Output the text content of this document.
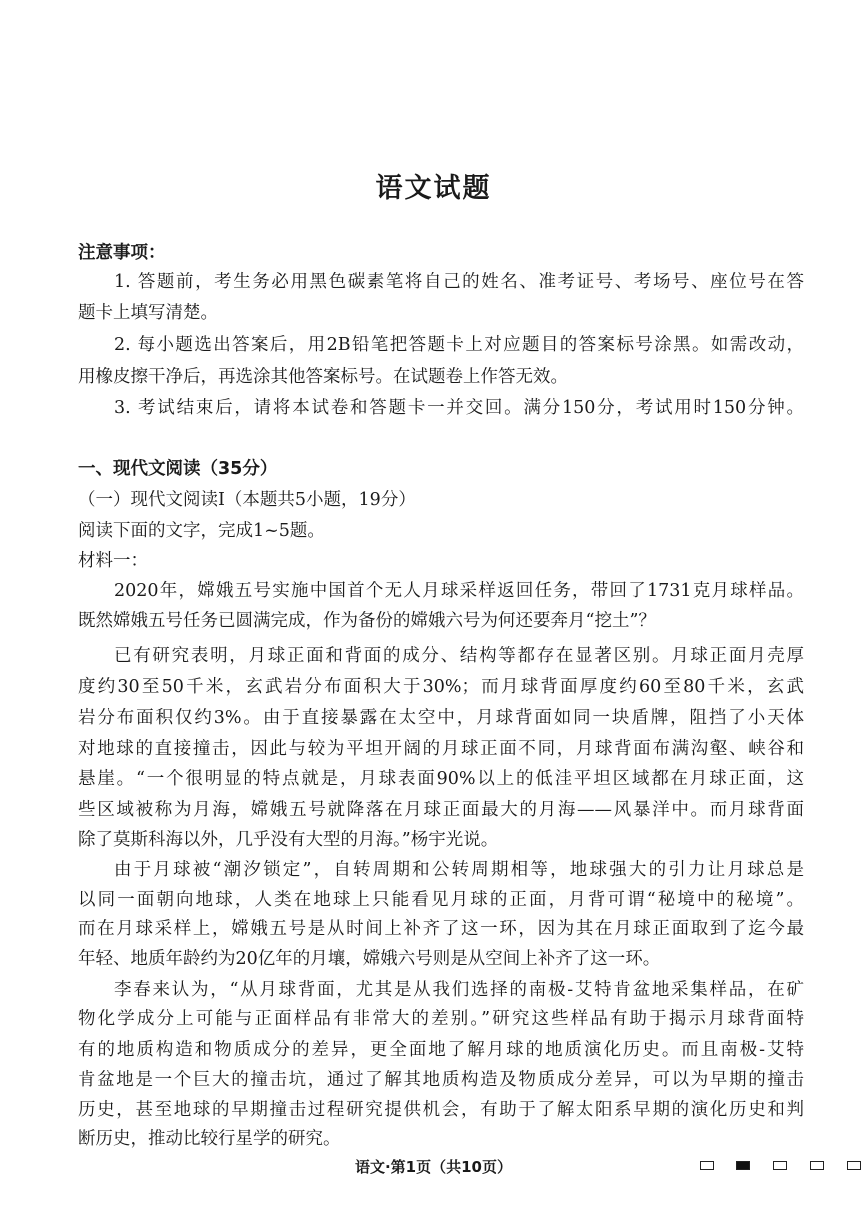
语文试题
注意事项：
1. 答题前，考生务必用黑色碳素笔将自己的姓名、准考证号、考场号、座位号在答
题卡上填写清楚。
2. 每小题选出答案后，用2B铅笔把答题卡上对应题目的答案标号涂黑。如需改动，
用橡皮擦干净后，再选涂其他答案标号。在试题卷上作答无效。
3. 考试结束后，请将本试卷和答题卡一并交回。满分150分，考试用时150分钟。
一、现代文阅读（35分）
（一）现代文阅读Ⅰ（本题共5小题，19分）
阅读下面的文字，完成1~5题。
材料一：
2020年，嫦娥五号实施中国首个无人月球采样返回任务，带回了1731克月球样品。
既然嫦娥五号任务已圆满完成，作为备份的嫦娥六号为何还要奔月“挖土”？
已有研究表明，月球正面和背面的成分、结构等都存在显著区别。月球正面月壳厚
度约30至50千米，玄武岩分布面积大于30%；而月球背面厚度约60至80千米，玄武
岩分布面积仅约3%。由于直接暴露在太空中，月球背面如同一块盾牌，阻挡了小天体
对地球的直接撞击，因此与较为平坦开阔的月球正面不同，月球背面布满沟壑、峡谷和
悬崖。“一个很明显的特点就是，月球表面90%以上的低洼平坦区域都在月球正面，这
些区域被称为月海，嫦娥五号就降落在月球正面最大的月海——风暴洋中。而月球背面
除了莫斯科海以外，几乎没有大型的月海。”杨宇光说。
由于月球被“潮汐锁定”，自转周期和公转周期相等，地球强大的引力让月球总是
以同一面朝向地球，人类在地球上只能看见月球的正面，月背可谓“秘境中的秘境”。
而在月球采样上，嫦娥五号是从时间上补齐了这一环，因为其在月球正面取到了迄今最
年轻、地质年龄约为20亿年的月壤，嫦娥六号则是从空间上补齐了这一环。
李春来认为，“从月球背面，尤其是从我们选择的南极-艾特肯盆地采集样品，在矿
物化学成分上可能与正面样品有非常大的差别。”研究这些样品有助于揭示月球背面特
有的地质构造和物质成分的差异，更全面地了解月球的地质演化历史。而且南极-艾特
肯盆地是一个巨大的撞击坑，通过了解其地质构造及物质成分差异，可以为早期的撞击
历史，甚至地球的早期撞击过程研究提供机会，有助于了解太阳系早期的演化历史和判
断历史，推动比较行星学的研究。
语文·第1页（共10页）
